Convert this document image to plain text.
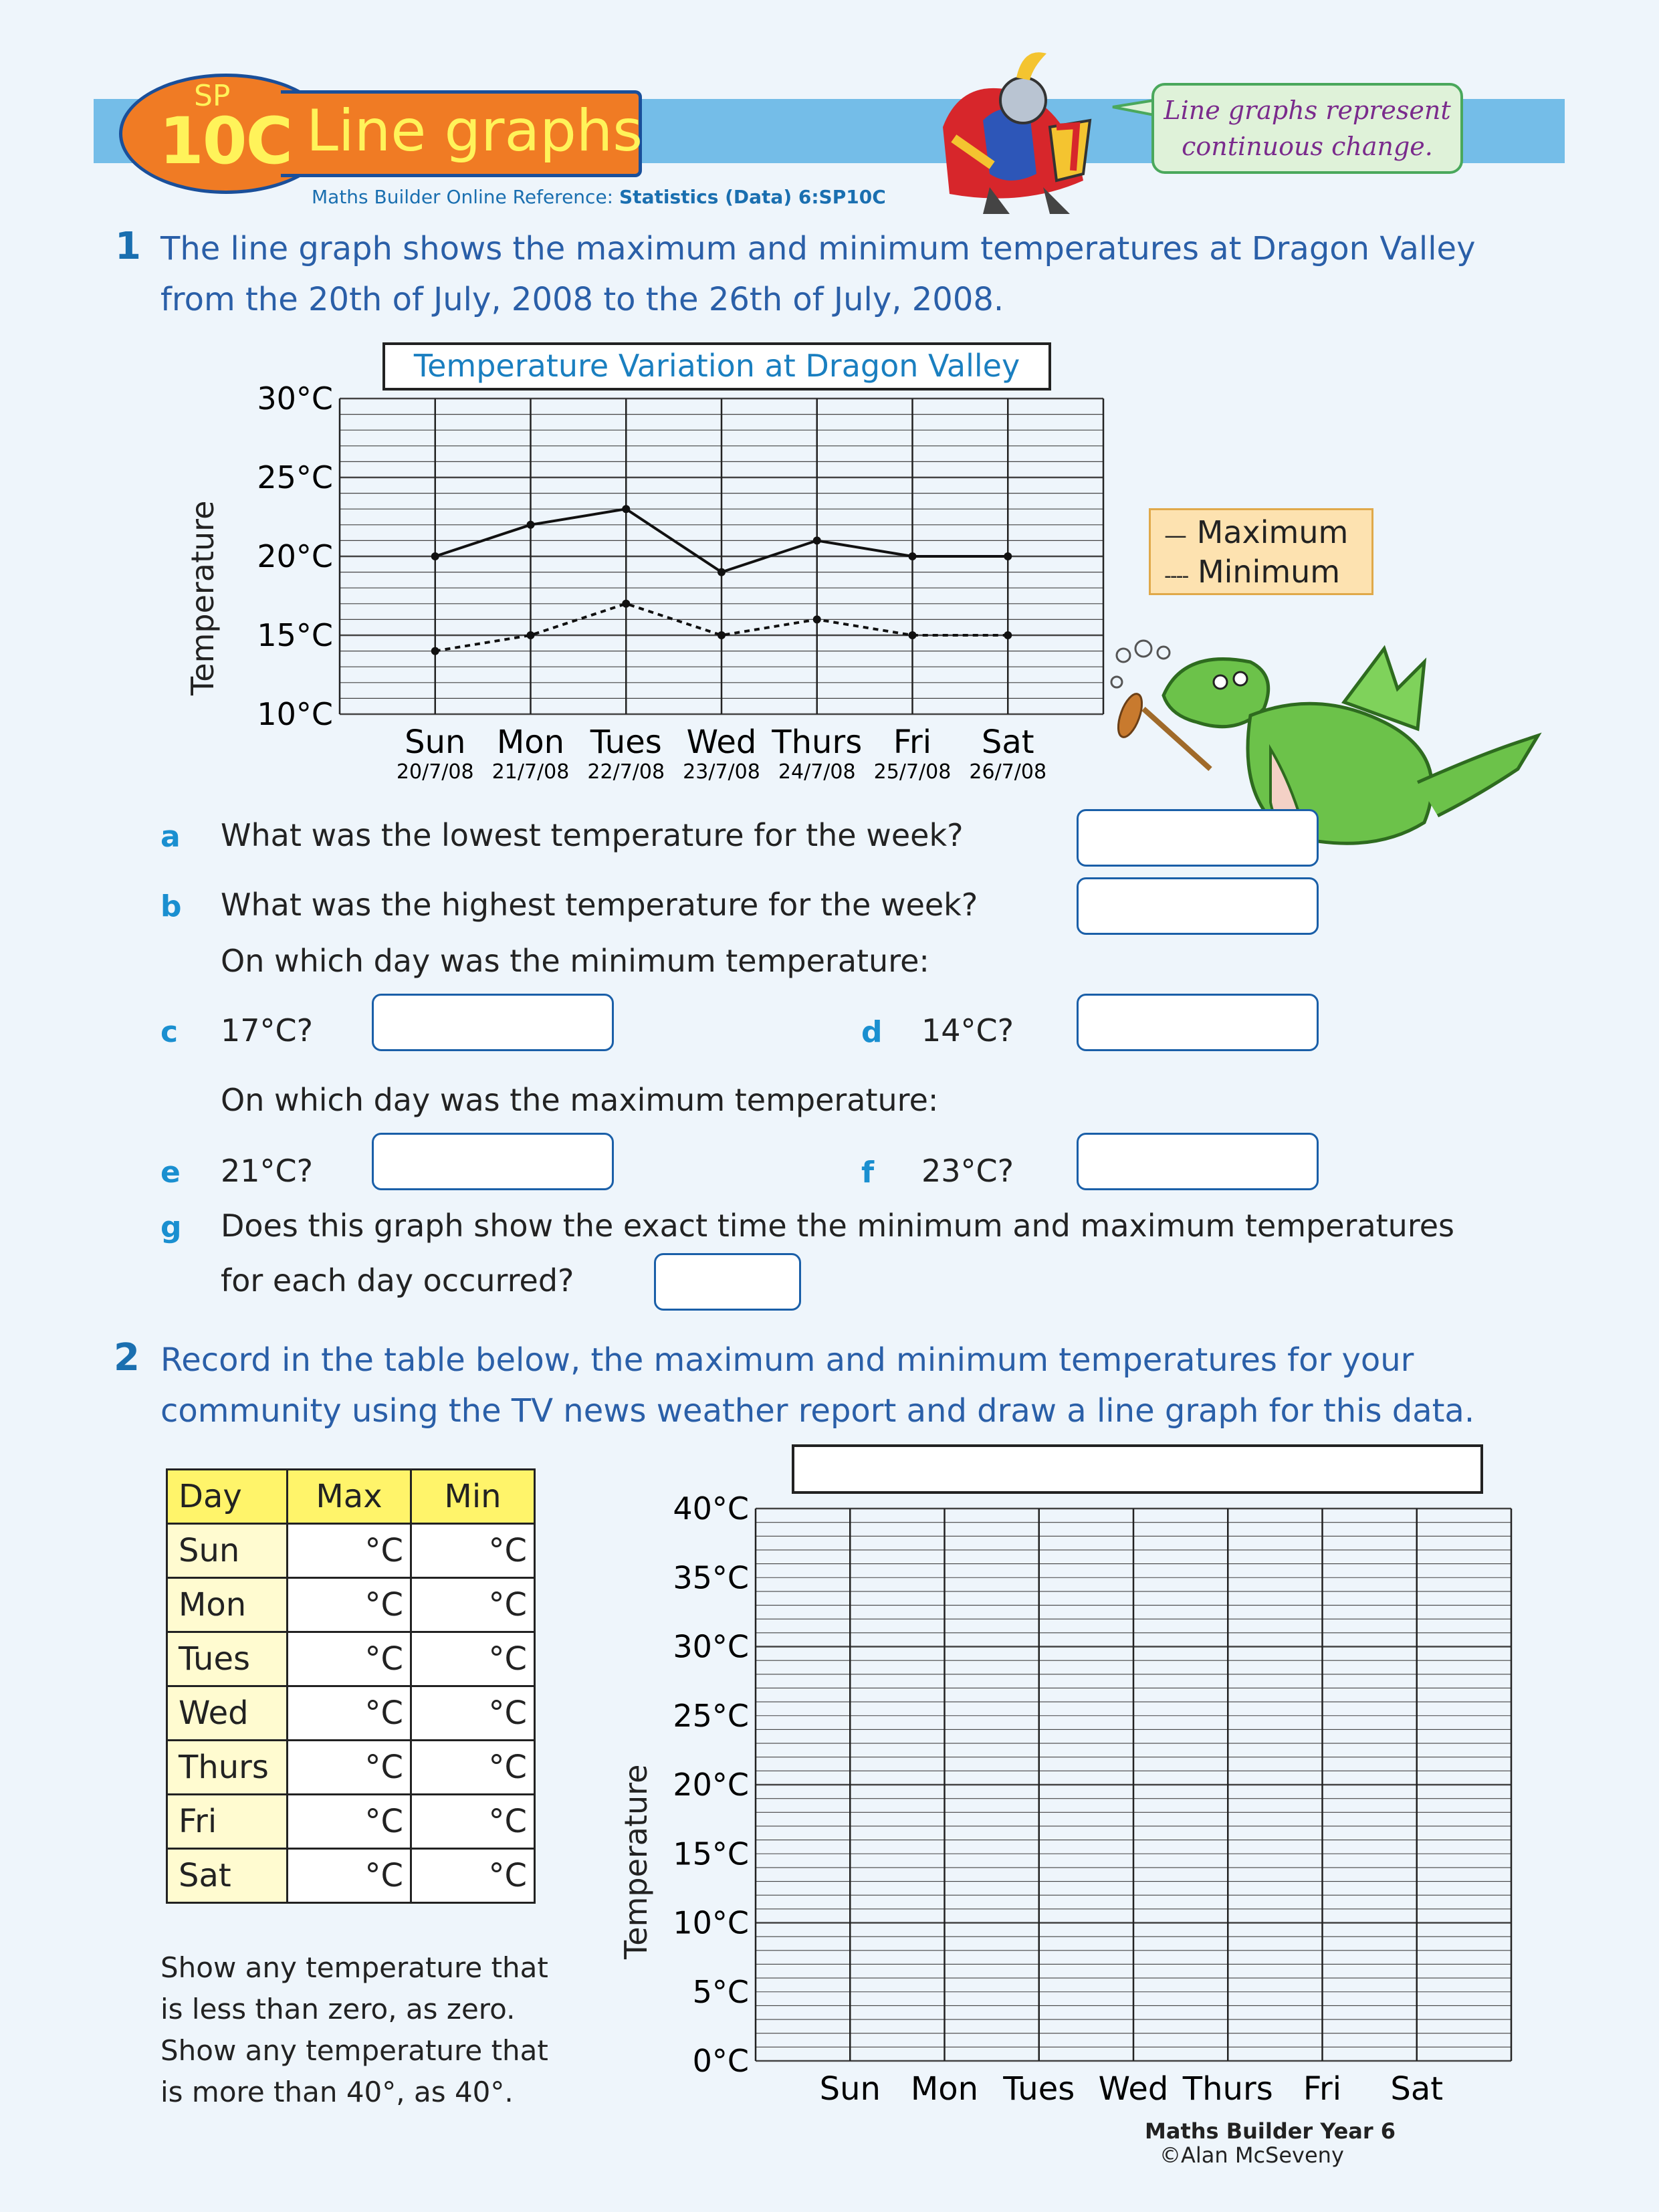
SP
10C Line graphs
Maths Builder Online Reference: Statistics (Data) 6:SP10C
Line graphs represent
continuous change.
1 The line graph shows the maximum and minimum temperatures at Dragon Valley
from the 20th of July, 2008 to the 26th of July, 2008.
Temperature Variation at Dragon Valley
Temperature
30°C
25°C
20°C
15°C
10°C
Sun
20/7/08
Mon
21/7/08
Tues
22/7/08
Wed
23/7/08
Thurs
24/7/08
Fri
25/7/08
Sat
26/7/08
— Maximum
---- Minimum
a What was the lowest temperature for the week?
b What was the highest temperature for the week?
On which day was the minimum temperature:
c 17°C?	d 14°C?
On which day was the maximum temperature:
e 21°C?	f 23°C?
g Does this graph show the exact time the minimum and maximum temperatures
for each day occurred?
2 Record in the table below, the maximum and minimum temperatures for your
community using the TV news weather report and draw a line graph for this data.
Day	Max	Min
Sun	°C	°C
Mon	°C	°C
Tues	°C	°C
Wed	°C	°C
Thurs	°C	°C
Fri	°C	°C
Sat	°C	°C
Show any temperature that
is less than zero, as zero.
Show any temperature that
is more than 40°, as 40°.
Temperature
40°C
35°C
30°C
25°C
20°C
15°C
10°C
5°C
0°C
Sun Mon Tues Wed Thurs Fri Sat
Maths Builder Year 6
©Alan McSeveny
